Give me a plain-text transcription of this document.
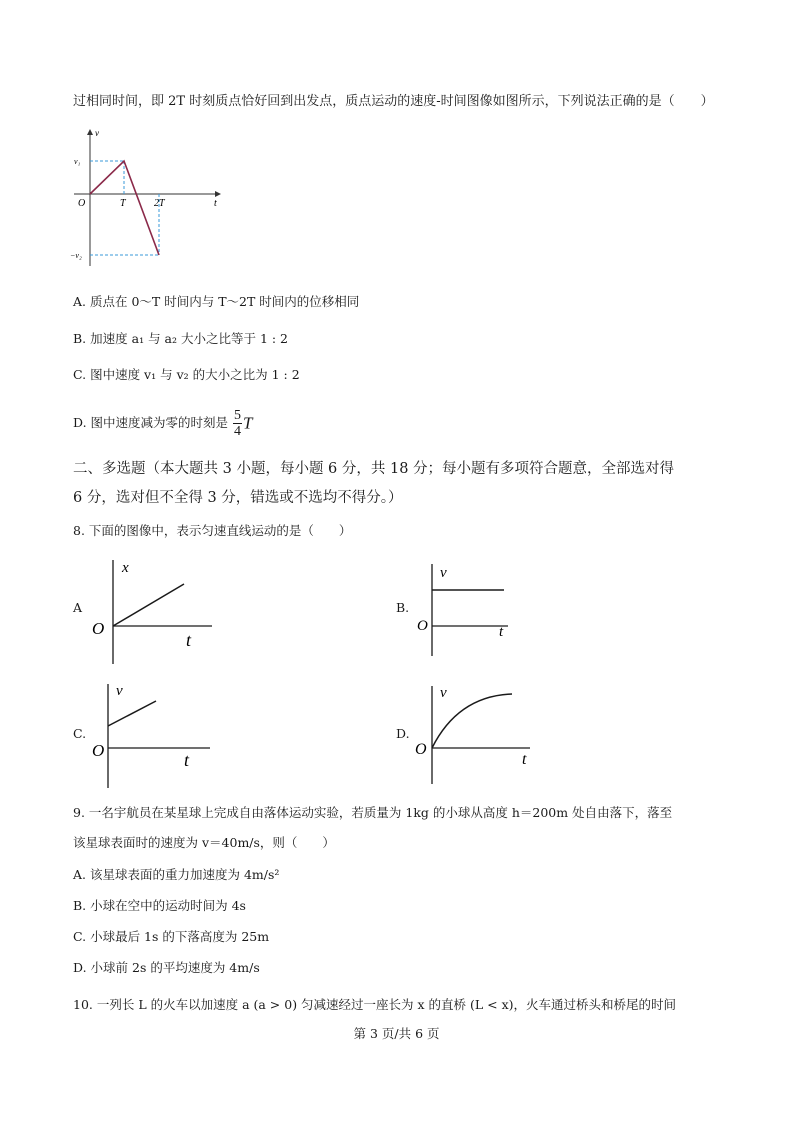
过相同时间，即 2T 时刻质点恰好回到出发点，质点运动的速度-时间图像如图所示，下列说法正确的是（　　）
v
t
O
v₁
−v₂
T	2T
A. 质点在 0～T 时间内与 T～2T 时间内的位移相同
B. 加速度 a₁ 与 a₂ 大小之比等于 1 : 2
C. 图中速度 v₁ 与 v₂ 的大小之比为 1 : 2
D. 图中速度减为零的时刻是 $\frac{5}{4}$ T
二、多选题（本大题共 3 小题，每小题 6 分，共 18 分；每小题有多项符合题意，全部选对得
6 分，选对但不全得 3 分，错选或不选均不得分。）
8. 下面的图像中，表示匀速直线运动的是（　　）
A
x
O
t
B.
v
O	t
C.
v
O	t
D.
v
O
t
9. 一名宇航员在某星球上完成自由落体运动实验，若质量为 1kg 的小球从高度 h＝200m 处自由落下，落至
该星球表面时的速度为 v＝40m/s，则（　　）
A. 该星球表面的重力加速度为 4m/s²
B. 小球在空中的运动时间为 4s
C. 小球最后 1s 的下落高度为 25m
D. 小球前 2s 的平均速度为 4m/s
10. 一列长 L 的火车以加速度 a (a > 0) 匀减速经过一座长为 x 的直桥 (L < x)，火车通过桥头和桥尾的时间
第 3 页/共 6 页
